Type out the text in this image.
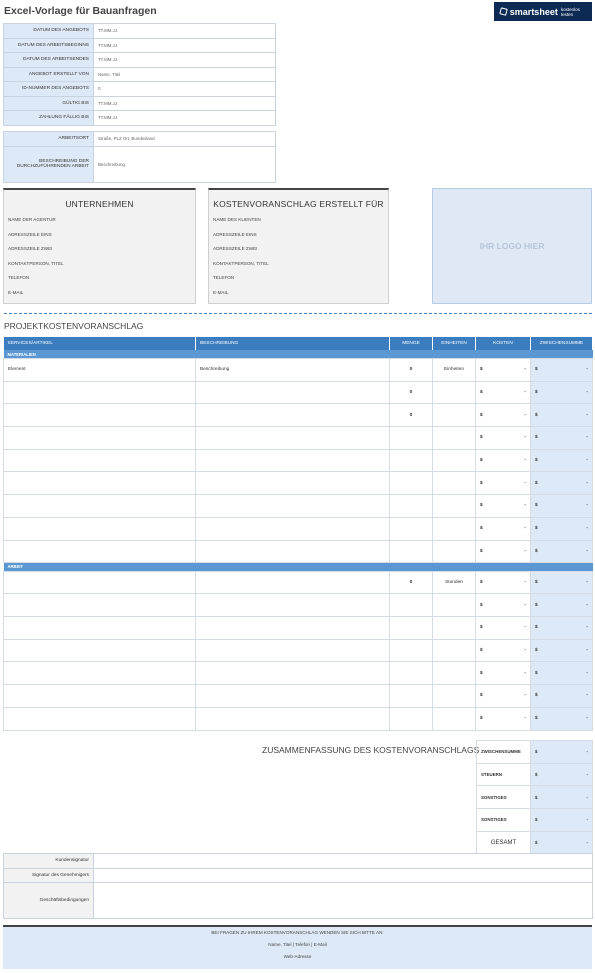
Excel-Vorlage für Bauanfragen	smartsheet kostenlos testen
DATUM DES ANGEBOTS	TT.MM.JJ
DATUM DES ARBEITSBEGINNS	TT.MM.JJ
DATUM DES ARBEITSENDES	TT.MM.JJ
ANGEBOT ERSTELLT VON	Name, Titel
ID-NUMMER DES ANGEBOTS	0
GÜLTIG BIS	TT.MM.JJ
ZAHLUNG FÄLLIG BIS	TT.MM.JJ
ARBEITSORT	Straße, PLZ Ort, Bundesland

BESCHREIBUNG DER
DURCHZUFÜHRENDEN ARBEIT	Beschreibung
UNTERNEHMEN
NAME DER AGENTUR
ADRESSZEILE EINS
ADRESSZEILE ZWEI
KONTAKTPERSON, TITEL
TELEFON
E-MAIL
KOSTENVORANSCHLAG ERSTELLT FÜR
NAME DES KLIENTEN
ADRESSZEILE EINS
ADRESSZEILE ZWEI
KONTAKTPERSON, TITEL
TELEFON
E-MAIL
IHR LOGO HIER
PROJEKTKOSTENVORANSCHLAG
SERVICES/ARTIKEL	BESCHREIBUNG	MENGE	EINHEITEN	KOSTEN	ZWISCHENSUMME
MATERIALIEN					
Element	Beschreibung	0	Einheiten	$ -	$ -

		0		$ -	$ -

		0		$ -	$ -

				$ -	$ -

				$ -	$ -

				$ -	$ -

				$ -	$ -

				$ -	$ -

				$ -	$ -

ARBEIT					
		0	Stunden	$ -	$ -

				$ -	$ -

				$ -	$ -

				$ -	$ -

				$ -	$ -

				$ -	$ -

				$ -	$ -
ZUSAMMENFASSUNG DES KOSTENVORANSCHLAGS ZWISCHENSUMME	$ -

STEUERN	$ -

SONSTIGES	$ -

SONSTIGES	$ -

GESAMT	$ -
Kundensignatur	
Signatur des Genehmigers	
Geschäftsbedingungen	
BEI FRAGEN ZU IHREM KOSTENVORANSCHLAG WENDEN SIE SICH BITTE AN:
Name, Titel | Telefon | E-Mail
Web-Adresse
